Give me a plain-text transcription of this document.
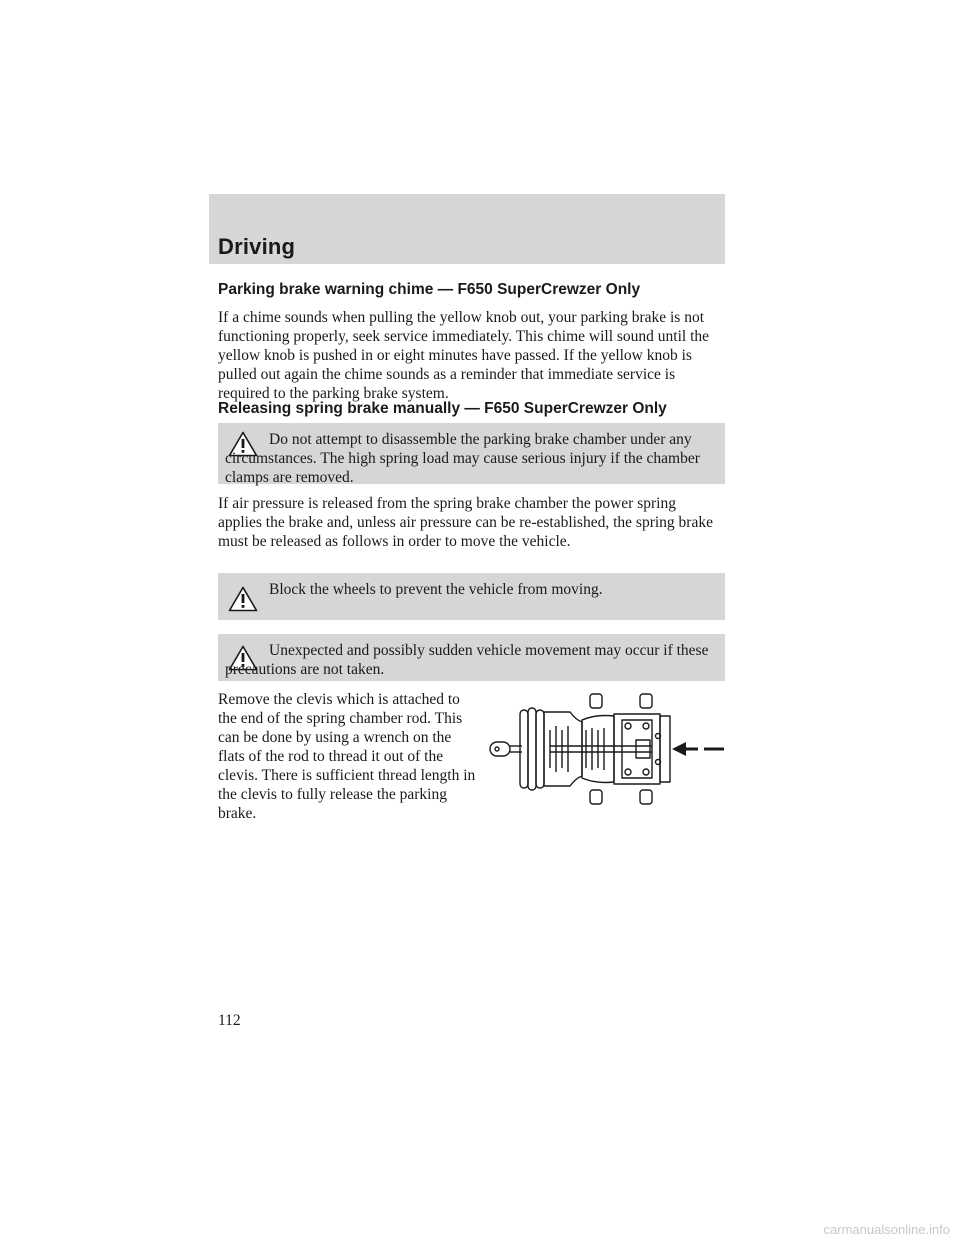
Driving
Parking brake warning chime — F650 SuperCrewzer Only

If a chime sounds when pulling the yellow knob out, your parking brake is not functioning properly, seek service immediately. This chime will sound until the yellow knob is pushed in or eight minutes have passed. If the yellow knob is pulled out again the chime sounds as a reminder that immediate service is required to the parking brake system.

Releasing spring brake manually — F650 SuperCrewzer Only

Do not attempt to disassemble the parking brake chamber under any circumstances. The high spring load may cause serious injury if the chamber clamps are removed.

If air pressure is released from the spring brake chamber the power spring applies the brake and, unless air pressure can be re-established, the spring brake must be released as follows in order to move the vehicle.

Block the wheels to prevent the vehicle from moving.

Unexpected and possibly sudden vehicle movement may occur if these precautions are not taken.

Remove the clevis which is attached to the end of the spring chamber rod. This can be done by using a wrench on the flats of the rod to thread it out of the clevis. There is sufficient thread length in the clevis to fully release the parking brake.

112

carmanualsonline.info
